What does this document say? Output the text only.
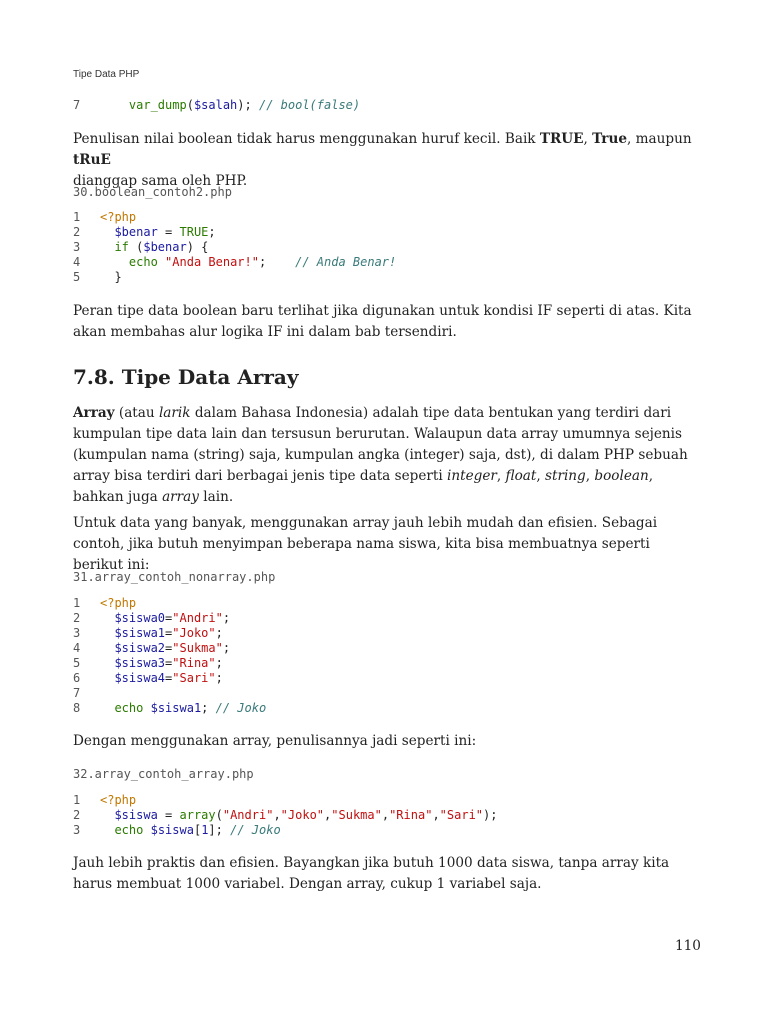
Tipe Data PHP
7	var_dump($salah); // bool(false)

Penulisan nilai boolean tidak harus menggunakan huruf kecil. Baik TRUE, True, maupun tRuE
dianggap sama oleh PHP.

30.boolean_contoh2.php
1	<?php
2	$benar = TRUE;
3	if ($benar) {
4	echo "Anda Benar!";    // Anda Benar!
5	}

Peran tipe data boolean baru terlihat jika digunakan untuk kondisi IF seperti di atas. Kita akan membahas alur logika IF ini dalam bab tersendiri.

7.8. Tipe Data Array

Array (atau larik dalam Bahasa Indonesia) adalah tipe data bentukan yang terdiri dari kumpulan tipe data lain dan tersusun berurutan. Walaupun data array umumnya sejenis (kumpulan nama (string) saja, kumpulan angka (integer) saja, dst), di dalam PHP sebuah array bisa terdiri dari berbagai jenis tipe data seperti integer, float, string, boolean, bahkan juga array lain.

Untuk data yang banyak, menggunakan array jauh lebih mudah dan efisien. Sebagai contoh, jika butuh menyimpan beberapa nama siswa, kita bisa membuatnya seperti berikut ini:

31.array_contoh_nonarray.php
1	<?php
2	$siswa0="Andri";
3	$siswa1="Joko";
4	$siswa2="Sukma";
5	$siswa3="Rina";
6	$siswa4="Sari";
7
8	echo $siswa1; // Joko

Dengan menggunakan array, penulisannya jadi seperti ini:

32.array_contoh_array.php
1	<?php
2	$siswa = array("Andri","Joko","Sukma","Rina","Sari");
3	echo $siswa[1]; // Joko

Jauh lebih praktis dan efisien. Bayangkan jika butuh 1000 data siswa, tanpa array kita harus membuat 1000 variabel. Dengan array, cukup 1 variabel saja.

110
